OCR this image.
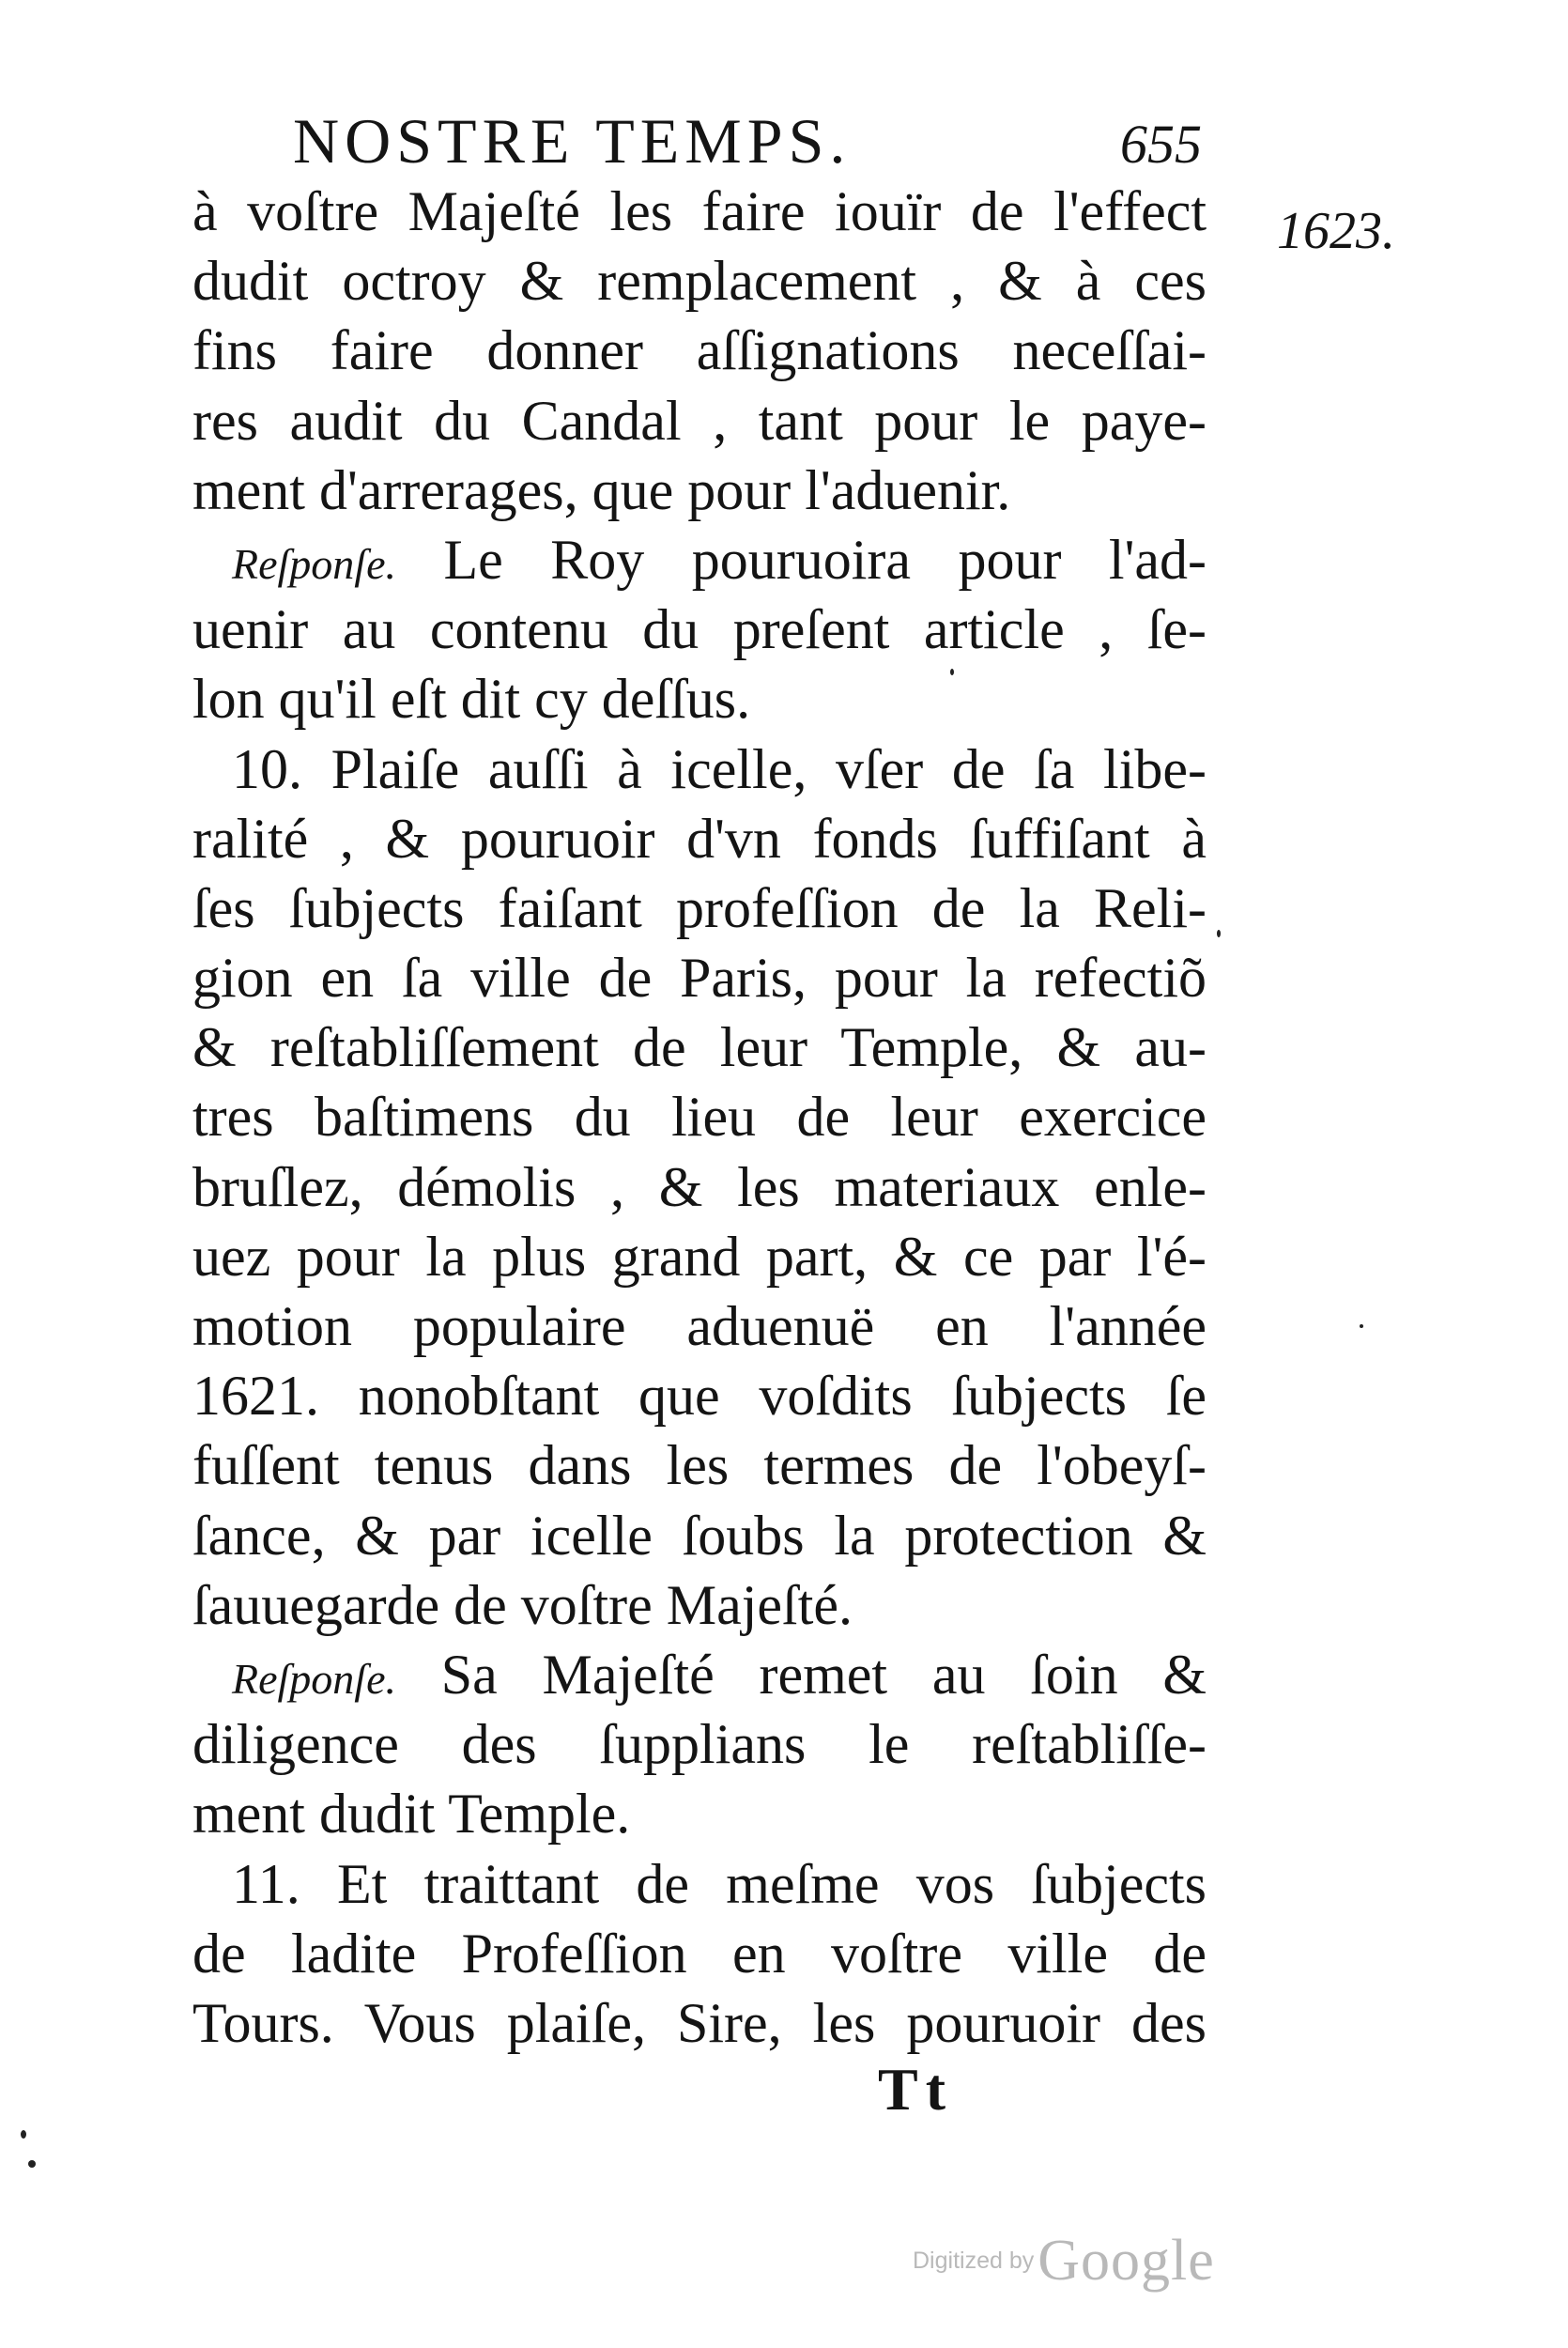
NOSTRE TEMPS.	655
1623.
à voſtre Majeſté les faire iouïr de l'effect
dudit octroy & remplacement , & à ces
fins faire donner aſſignations neceſſai-
res audit du Candal , tant pour le paye-
ment d'arrerages, que pour l'aduenir.
Reſponſe. Le Roy pouruoira pour l'ad-
uenir au contenu du preſent article , ſe-
lon qu'il eſt dit cy deſſus.
10. Plaiſe auſſi à icelle, vſer de ſa libe-
ralité , & pouruoir d'vn fonds ſuffiſant à
ſes ſubjects faiſant profeſſion de la Reli-
gion en ſa ville de Paris, pour la refectiõ
& reſtabliſſement de leur Temple, & au-
tres baſtimens du lieu de leur exercice
bruſlez, démolis , & les materiaux enle-
uez pour la plus grand part, & ce par l'é-
motion populaire aduenuë en l'année
1621. nonobſtant que voſdits ſubjects ſe
fuſſent tenus dans les termes de l'obeyſ-
ſance, & par icelle ſoubs la protection &
ſauuegarde de voſtre Majeſté.
Reſponſe. Sa Majeſté remet au ſoin &
diligence des ſupplians le reſtabliſſe-
ment dudit Temple.
11. Et traittant de meſme vos ſubjects
de ladite Profeſſion en voſtre ville de
Tours. Vous plaiſe, Sire, les pouruoir des
Tt
Digitized by Google
